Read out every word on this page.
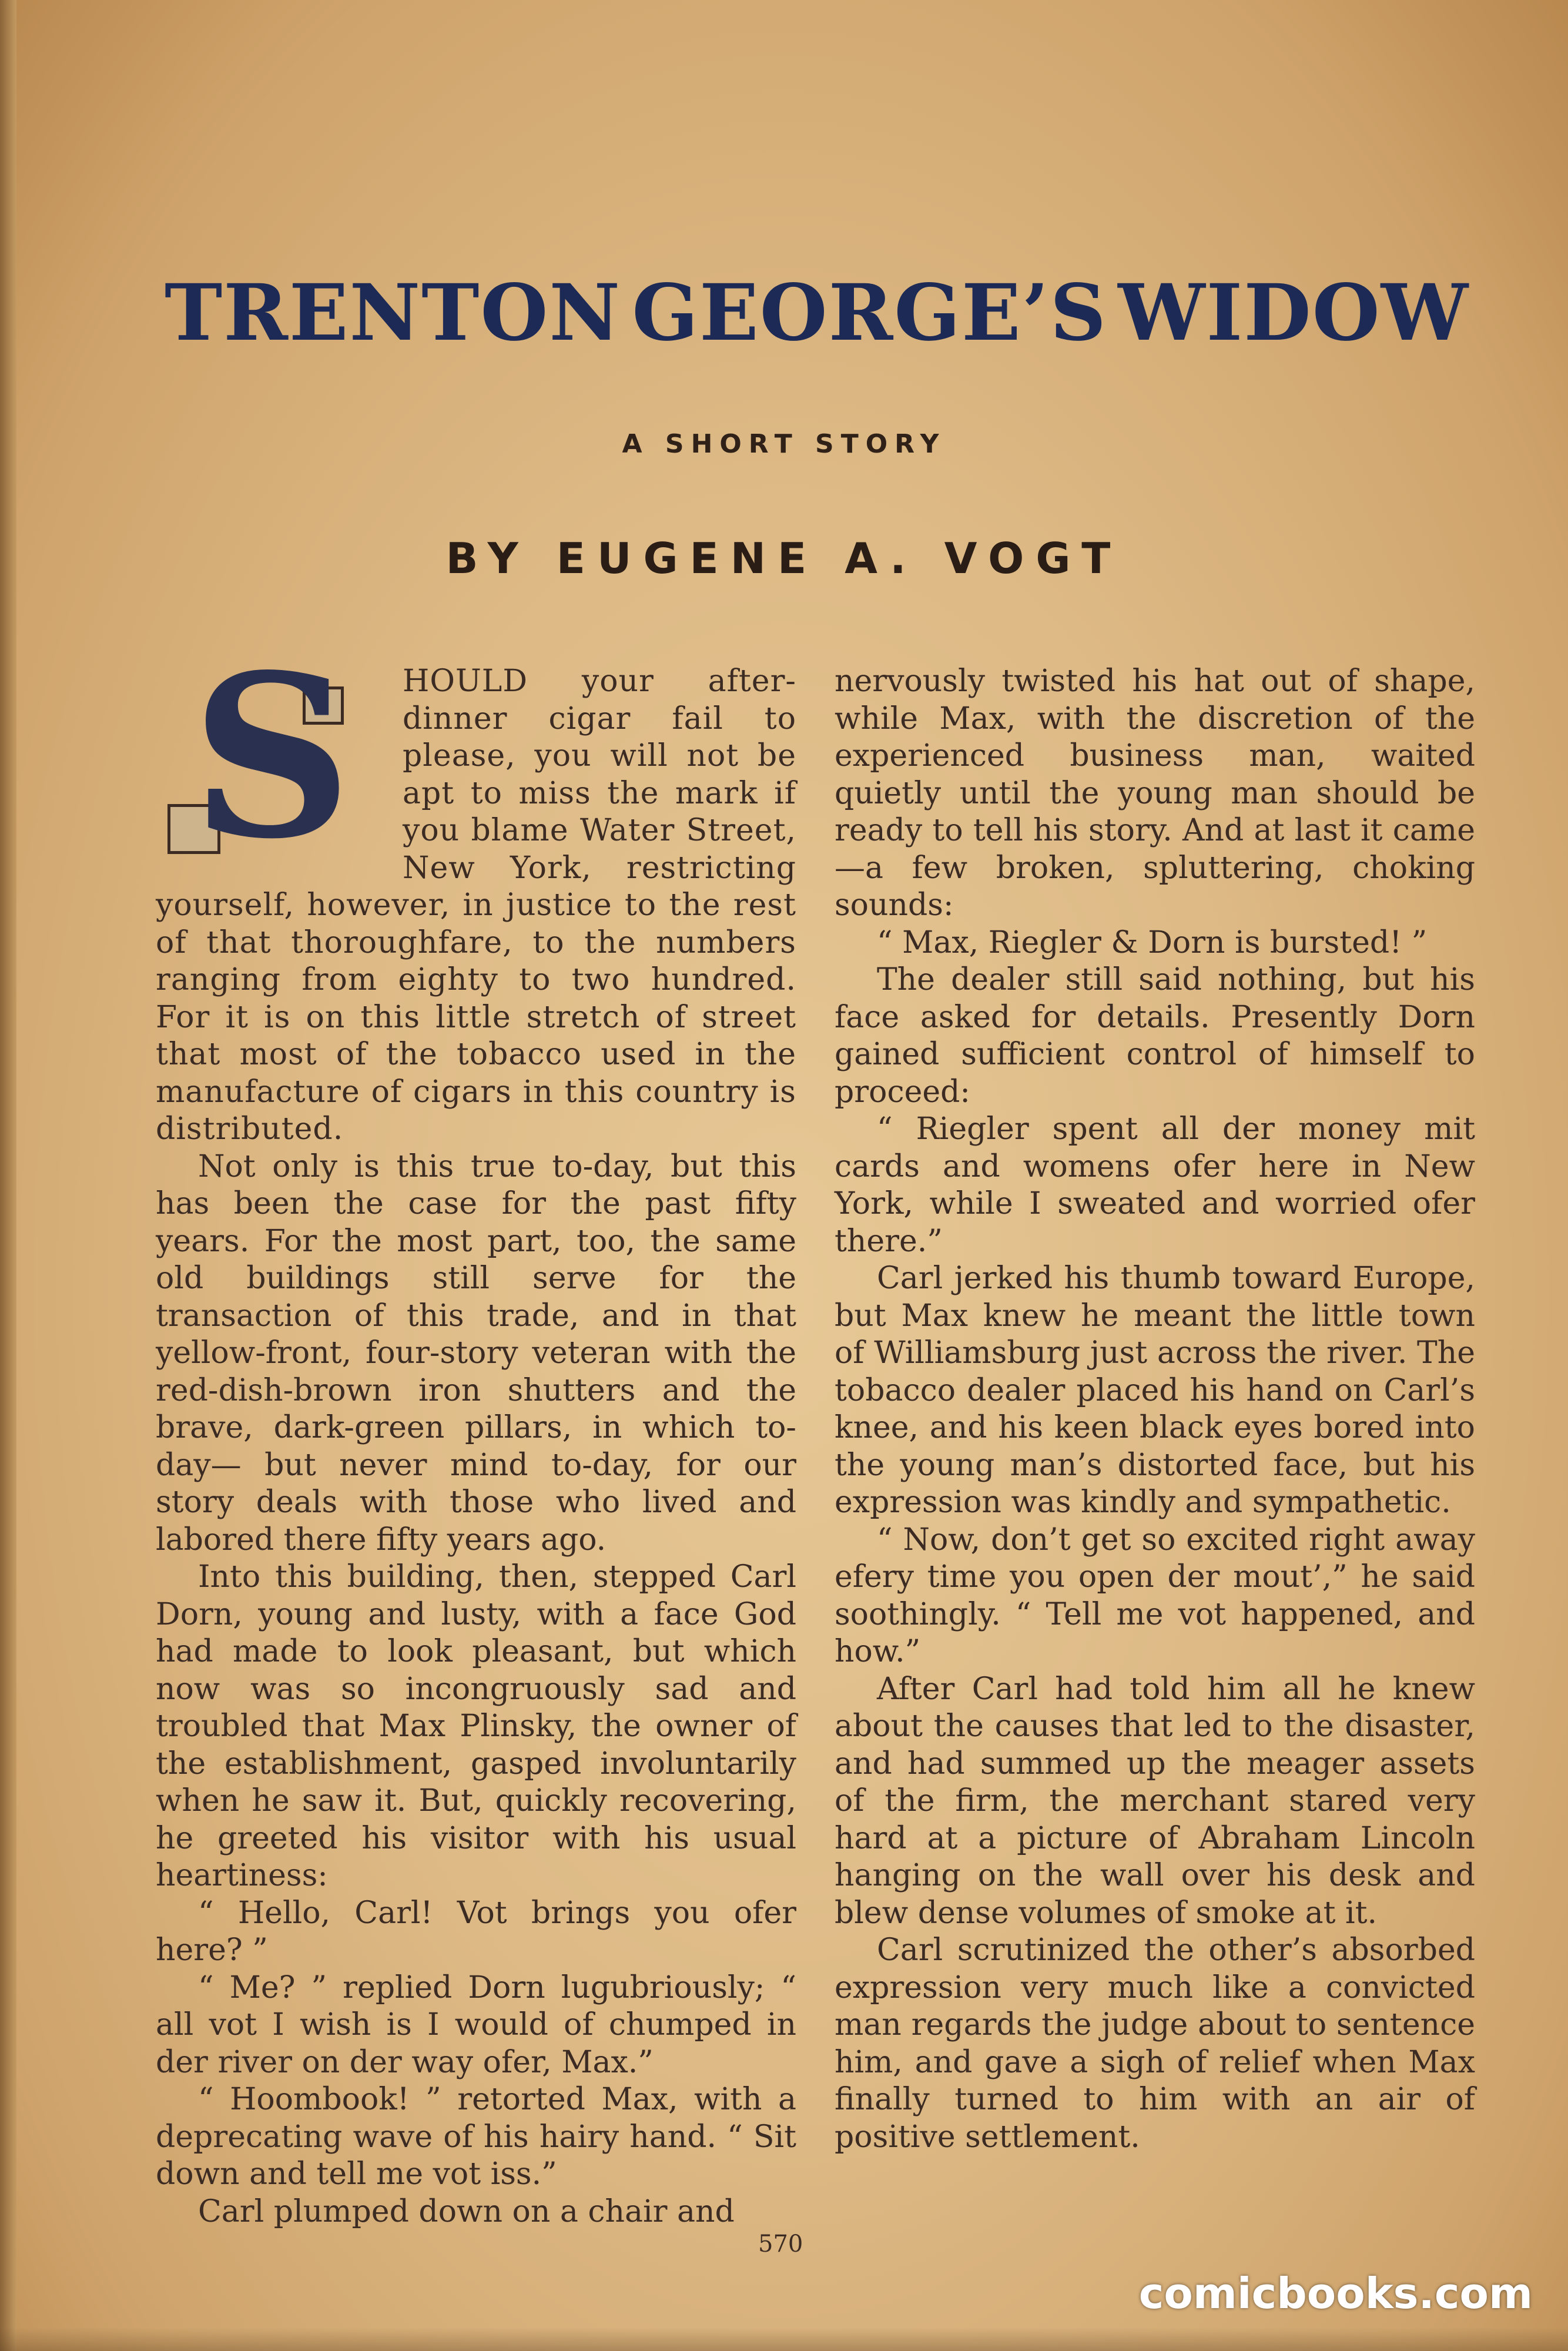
TRENTON GEORGE’S WIDOW
A SHORT STORY
BY EUGENE A. VOGT
S	HOULD your after-dinner cigar fail to please, you will not be apt to miss the mark if you blame Water Street, New York, restricting yourself, however, in justice to the rest of that thoroughfare, to the numbers ranging from eighty to two hundred. For it is on this little stretch of street that most of the tobacco used in the manufacture of cigars in this country is distributed.

Not only is this true to-day, but this has been the case for the past fifty years. For the most part, too, the same old buildings still serve for the transaction of this trade, and in that yellow-front, four-story veteran with the red-dish-brown iron shutters and the brave, dark-green pillars, in which to-day— but never mind to-day, for our story deals with those who lived and labored there fifty years ago.

Into this building, then, stepped Carl Dorn, young and lusty, with a face God had made to look pleasant, but which now was so incongruously sad and troubled that Max Plinsky, the owner of the establishment, gasped involuntarily when he saw it. But, quickly recovering, he greeted his visitor with his usual heartiness:

“ Hello, Carl! Vot brings you ofer here? ”

“ Me? ” replied Dorn lugubriously; “ all vot I wish is I would of chumped in der river on der way ofer, Max.”

“ Hoombook! ” retorted Max, with a deprecating wave of his hairy hand. “ Sit down and tell me vot iss.”

Carl plumped down on a chair and

nervously twisted his hat out of shape, while Max, with the discretion of the experienced business man, waited quietly until the young man should be ready to tell his story. And at last it came—a few broken, spluttering, choking sounds:

“ Max, Riegler & Dorn is bursted! ”

The dealer still said nothing, but his face asked for details. Presently Dorn gained sufficient control of himself to proceed:

“ Riegler spent all der money mit cards and womens ofer here in New York, while I sweated and worried ofer there.”

Carl jerked his thumb toward Europe, but Max knew he meant the little town of Williamsburg just across the river. The tobacco dealer placed his hand on Carl’s knee, and his keen black eyes bored into the young man’s distorted face, but his expression was kindly and sympathetic.

“ Now, don’t get so excited right away efery time you open der mout’,” he said soothingly. “ Tell me vot happened, and how.”

After Carl had told him all he knew about the causes that led to the disaster, and had summed up the meager assets of the firm, the merchant stared very hard at a picture of Abraham Lincoln hanging on the wall over his desk and blew dense volumes of smoke at it.

Carl scrutinized the other’s absorbed expression very much like a convicted man regards the judge about to sentence him, and gave a sigh of relief when Max finally turned to him with an air of positive settlement.

570
comicbooks.com
